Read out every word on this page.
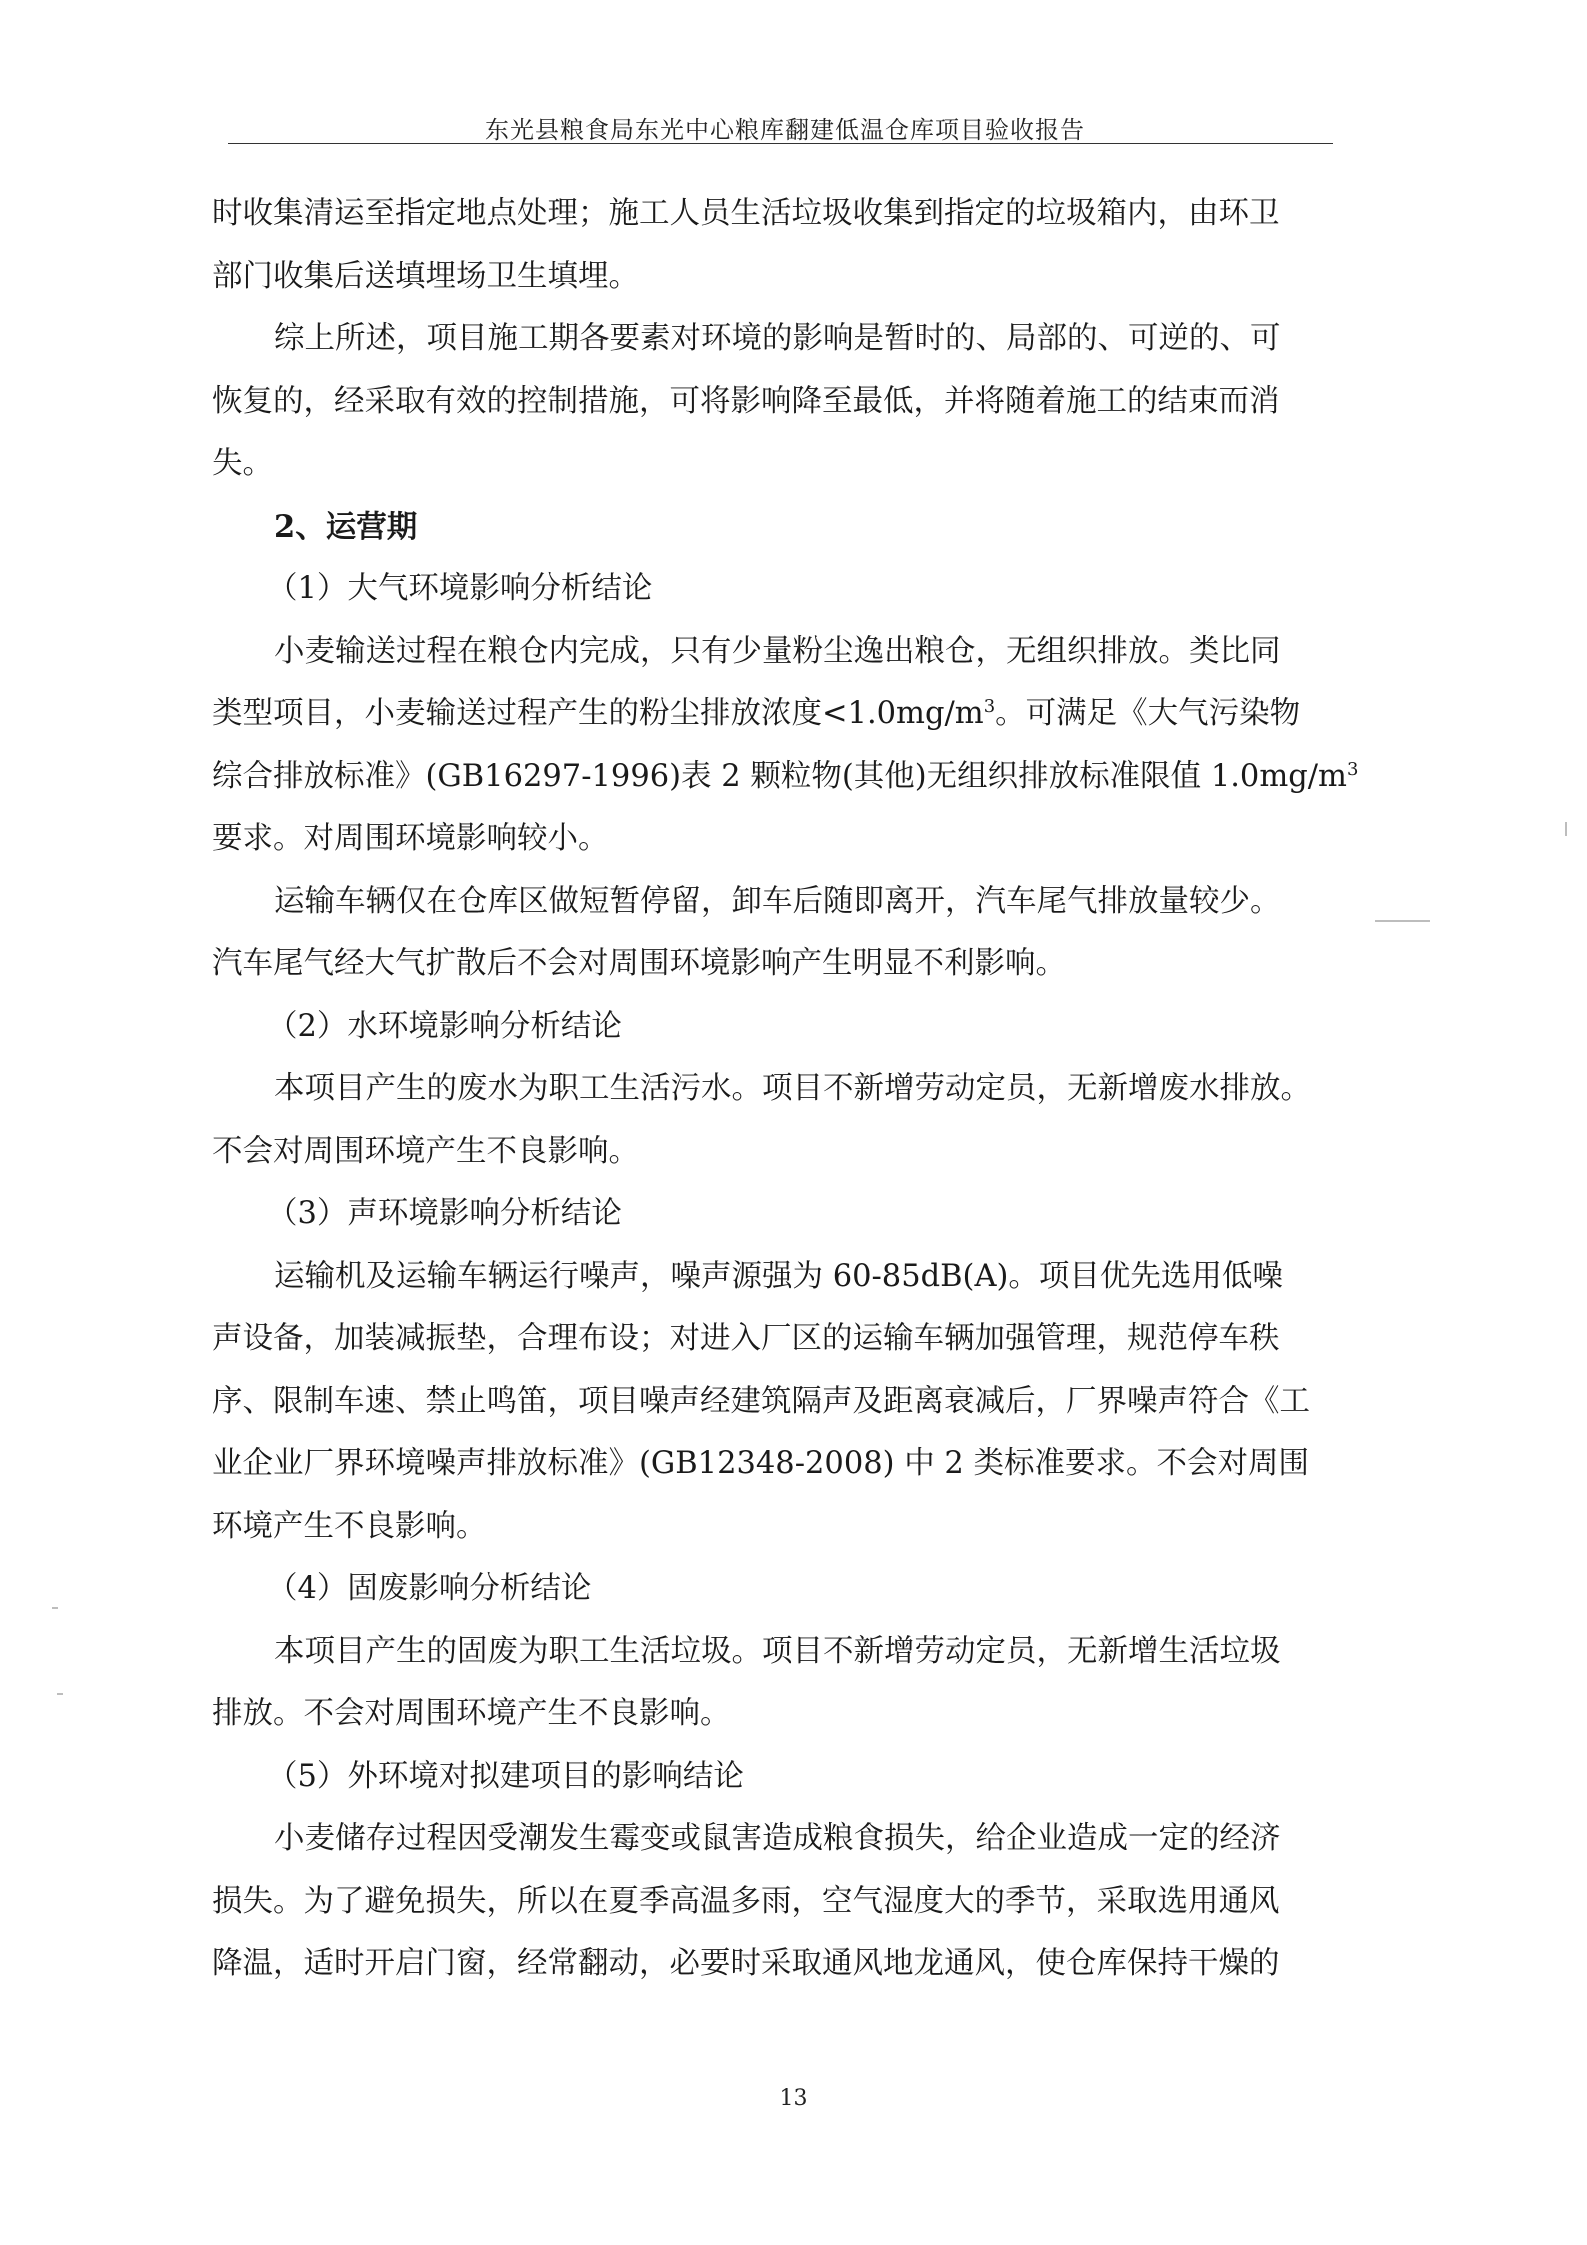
东光县粮食局东光中心粮库翻建低温仓库项目验收报告
时收集清运至指定地点处理；施工人员生活垃圾收集到指定的垃圾箱内，由环卫
部门收集后送填埋场卫生填埋。
综上所述，项目施工期各要素对环境的影响是暂时的、局部的、可逆的、可
恢复的，经采取有效的控制措施，可将影响降至最低，并将随着施工的结束而消
失。
2、运营期
（1）大气环境影响分析结论
小麦输送过程在粮仓内完成，只有少量粉尘逸出粮仓，无组织排放。类比同
类型项目，小麦输送过程产生的粉尘排放浓度$<1.0mg/m^3$。可满足《大气污染物
综合排放标准》(GB16297-1996)表 2 颗粒物(其他)无组织排放标准限值 $1.0mg/m^3$
要求。对周围环境影响较小。
运输车辆仅在仓库区做短暂停留，卸车后随即离开，汽车尾气排放量较少。
汽车尾气经大气扩散后不会对周围环境影响产生明显不利影响。
（2）水环境影响分析结论
本项目产生的废水为职工生活污水。项目不新增劳动定员，无新增废水排放。
不会对周围环境产生不良影响。
（3）声环境影响分析结论
运输机及运输车辆运行噪声，噪声源强为 60-85dB(A)。项目优先选用低噪
声设备，加装减振垫，合理布设；对进入厂区的运输车辆加强管理，规范停车秩
序、限制车速、禁止鸣笛，项目噪声经建筑隔声及距离衰减后，厂界噪声符合《工
业企业厂界环境噪声排放标准》(GB12348-2008) 中 2 类标准要求。不会对周围
环境产生不良影响。
（4）固废影响分析结论
本项目产生的固废为职工生活垃圾。项目不新增劳动定员，无新增生活垃圾
排放。不会对周围环境产生不良影响。
（5）外环境对拟建项目的影响结论
小麦储存过程因受潮发生霉变或鼠害造成粮食损失，给企业造成一定的经济
损失。为了避免损失，所以在夏季高温多雨，空气湿度大的季节，采取选用通风
降温，适时开启门窗，经常翻动，必要时采取通风地龙通风，使仓库保持干燥的
13
